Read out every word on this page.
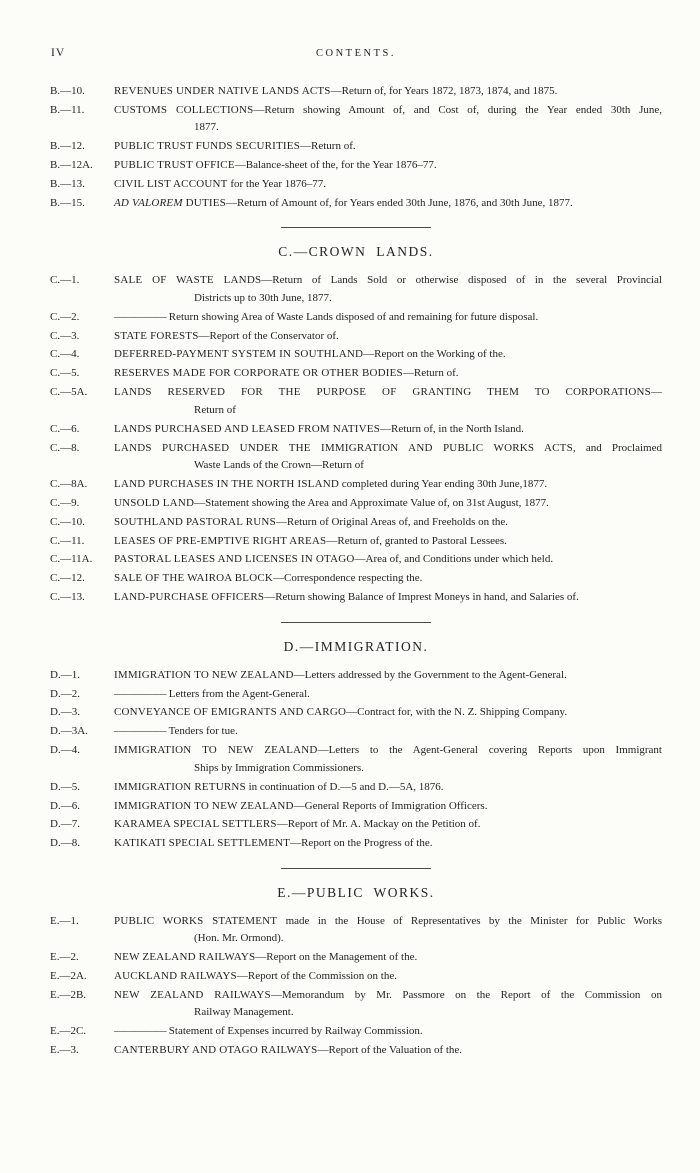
IV	CONTENTS.
B.—10.	REVENUES UNDER NATIVE LANDS ACTS—Return of, for Years 1872, 1873, 1874, and 1875.
B.—11.	CUSTOMS COLLECTIONS—Return showing Amount of, and Cost of, during the Year ended 30th June,
1877.
B.—12.	PUBLIC TRUST FUNDS SECURITIES—Return of.
B.—12A.	PUBLIC TRUST OFFICE—Balance-sheet of the, for the Year 1876–77.
B.—13.	CIVIL LIST ACCOUNT for the Year 1876–77.
B.—15.	AD VALOREM DUTIES—Return of Amount of, for Years ended 30th June, 1876, and 30th June, 1877.
C.—CROWN LANDS.
C.—1.	SALE OF WASTE LANDS—Return of Lands Sold or otherwise disposed of in the several Provincial
Districts up to 30th June, 1877.
C.—2.	————— Return showing Area of Waste Lands disposed of and remaining for future disposal.
C.—3.	STATE FORESTS—Report of the Conservator of.
C.—4.	DEFERRED-PAYMENT SYSTEM IN SOUTHLAND—Report on the Working of the.
C.—5.	RESERVES MADE FOR CORPORATE OR OTHER BODIES—Return of.
C.—5A.	LANDS RESERVED FOR THE PURPOSE OF GRANTING THEM TO CORPORATIONS—
Return of
C.—6.	LANDS PURCHASED AND LEASED FROM NATIVES—Return of, in the North Island.
C.—8.	LANDS PURCHASED UNDER THE IMMIGRATION AND PUBLIC WORKS ACTS, and Proclaimed
Waste Lands of the Crown—Return of
C.—8A.	LAND PURCHASES IN THE NORTH ISLAND completed during Year ending 30th June,1877.
C.—9.	UNSOLD LAND—Statement showing the Area and Approximate Value of, on 31st August, 1877.
C.—10.	SOUTHLAND PASTORAL RUNS—Return of Original Areas of, and Freeholds on the.
C.—11.	LEASES OF PRE-EMPTIVE RIGHT AREAS—Return of, granted to Pastoral Lessees.
C.—11A.	PASTORAL LEASES AND LICENSES IN OTAGO—Area of, and Conditions under which held.
C.—12.	SALE OF THE WAIROA BLOCK—Correspondence respecting the.
C.—13.	LAND-PURCHASE OFFICERS—Return showing Balance of Imprest Moneys in hand, and Salaries of.
D.—IMMIGRATION.
D.—1.	IMMIGRATION TO NEW ZEALAND—Letters addressed by the Government to the Agent-General.
D.—2.	————— Letters from the Agent-General.
D.—3.	CONVEYANCE OF EMIGRANTS AND CARGO—Contract for, with the N. Z. Shipping Company.
D.—3A.	————— Tenders for tue.
D.—4.	IMMIGRATION TO NEW ZEALAND—Letters to the Agent-General covering Reports upon Immigrant
Ships by Immigration Commissioners.
D.—5.	IMMIGRATION RETURNS in continuation of D.—5 and D.—5A, 1876.
D.—6.	IMMIGRATION TO NEW ZEALAND—General Reports of Immigration Officers.
D.—7.	KARAMEA SPECIAL SETTLERS—Report of Mr. A. Mackay on the Petition of.
D.—8.	KATIKATI SPECIAL SETTLEMENT—Report on the Progress of the.
E.—PUBLIC WORKS.
E.—1.	PUBLIC WORKS STATEMENT made in the House of Representatives by the Minister for Public Works
(Hon. Mr. Ormond).
E.—2.	NEW ZEALAND RAILWAYS—Report on the Management of the.
E.—2A.	AUCKLAND RAILWAYS—Report of the Commission on the.
E.—2B.	NEW ZEALAND RAILWAYS—Memorandum by Mr. Passmore on the Report of the Commission on
Railway Management.
E.—2C.	————— Statement of Expenses incurred by Railway Commission.
E.—3.	CANTERBURY AND OTAGO RAILWAYS—Report of the Valuation of the.
